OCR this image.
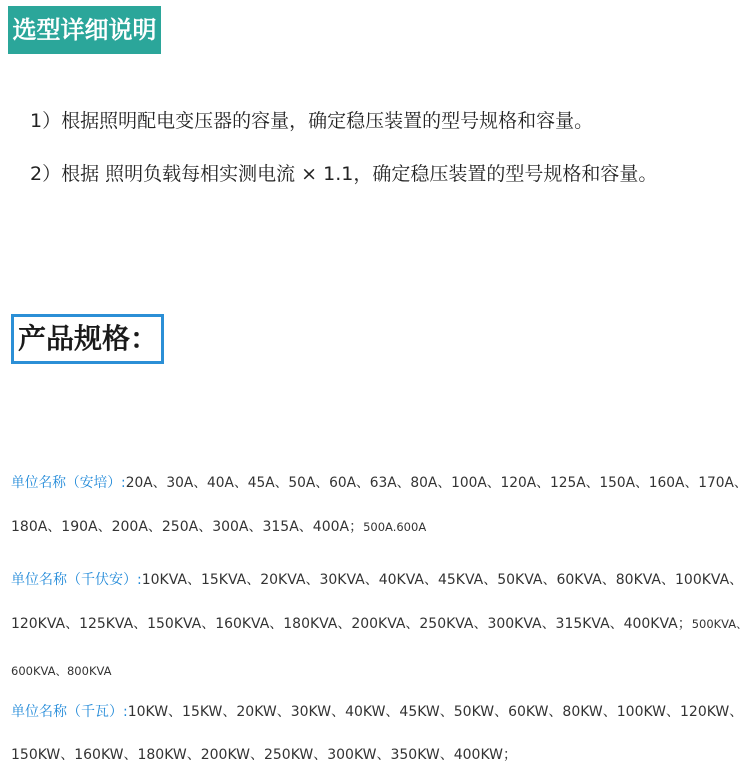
选型详细说明
1）根据照明配电变压器的容量，确定稳压装置的型号规格和容量。
2）根据 照明负载每相实测电流 × 1.1，确定稳压装置的型号规格和容量。
产品规格：
单位名称（安培）:20A、30A、40A、45A、50A、60A、63A、80A、100A、120A、125A、150A、160A、170A、
180A、190A、200A、250A、300A、315A、400A；500A.600A
单位名称（千伏安）:10KVA、15KVA、20KVA、30KVA、40KVA、45KVA、50KVA、60KVA、80KVA、100KVA、
120KVA、125KVA、150KVA、160KVA、180KVA、200KVA、250KVA、300KVA、315KVA、400KVA；500KVA、
600KVA、800KVA
单位名称（千瓦）:10KW、15KW、20KW、30KW、40KW、45KW、50KW、60KW、80KW、100KW、120KW、
150KW、160KW、180KW、200KW、250KW、300KW、350KW、400KW；
